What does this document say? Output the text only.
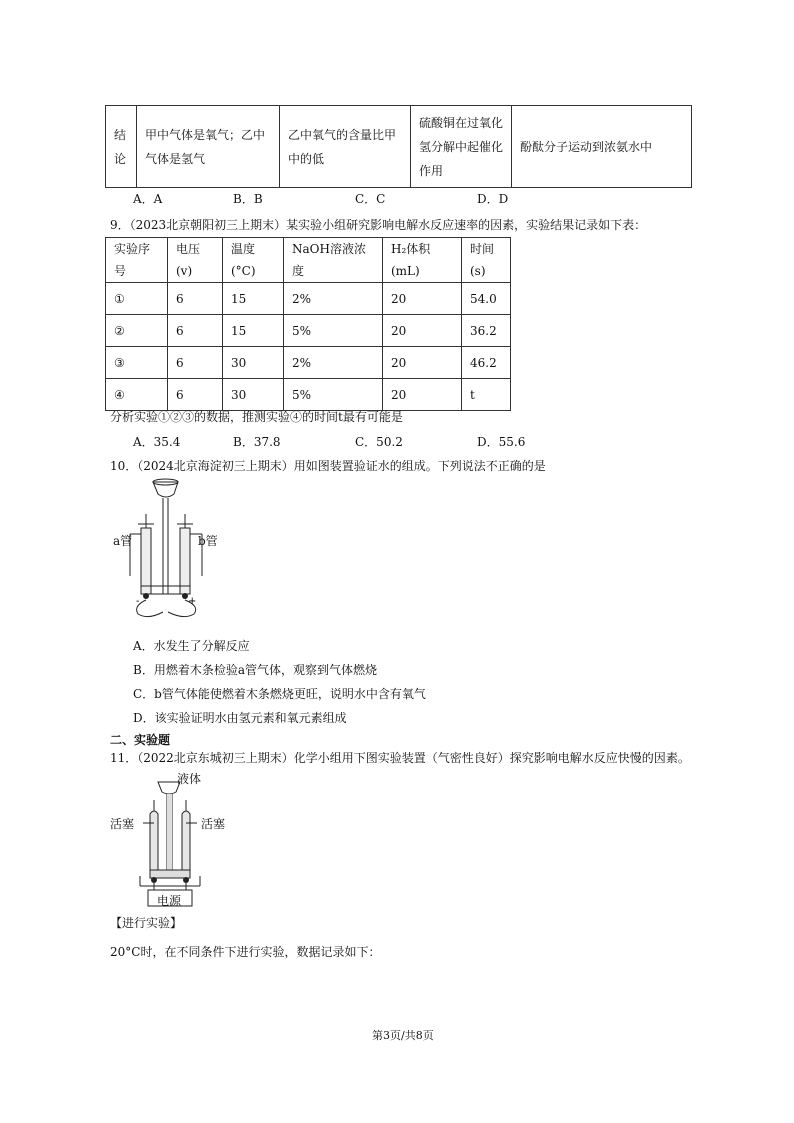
结论	甲中气体是氧气；乙中气体是氢气	乙中氧气的含量比甲中的低	硫酸铜在过氧化氢分解中起催化作用	酚酞分子运动到浓氨水中
A．A	B．B	C．C	D．D
9．（2023北京朝阳初三上期末）某实验小组研究影响电解水反应速率的因素，实验结果记录如下表：
实验序号	电压(v)	温度(°C)	NaOH溶液浓度	H₂体积(mL)	时间(s)
①	6	15	2%	20	54.0
②	6	15	5%	20	36.2
③	6	30	2%	20	46.2
④	6	30	5%	20	t
分析实验①②③的数据，推测实验④的时间t最有可能是
A．35.4	B．37.8	C．50.2	D．55.6
10．（2024北京海淀初三上期末）用如图装置验证水的组成。下列说法不正确的是
-	+
a管	b管
A．水发生了分解反应
B．用燃着木条检验a管气体，观察到气体燃烧
C．b管气体能使燃着木条燃烧更旺，说明水中含有氧气
D．该实验证明水由氢元素和氧元素组成
二、实验题
11．（2022北京东城初三上期末）化学小组用下图实验装置（气密性良好）探究影响电解水反应快慢的因素。
液体
活塞	活塞
电源
【进行实验】
20°C时，在不同条件下进行实验，数据记录如下：
第3页/共8页
